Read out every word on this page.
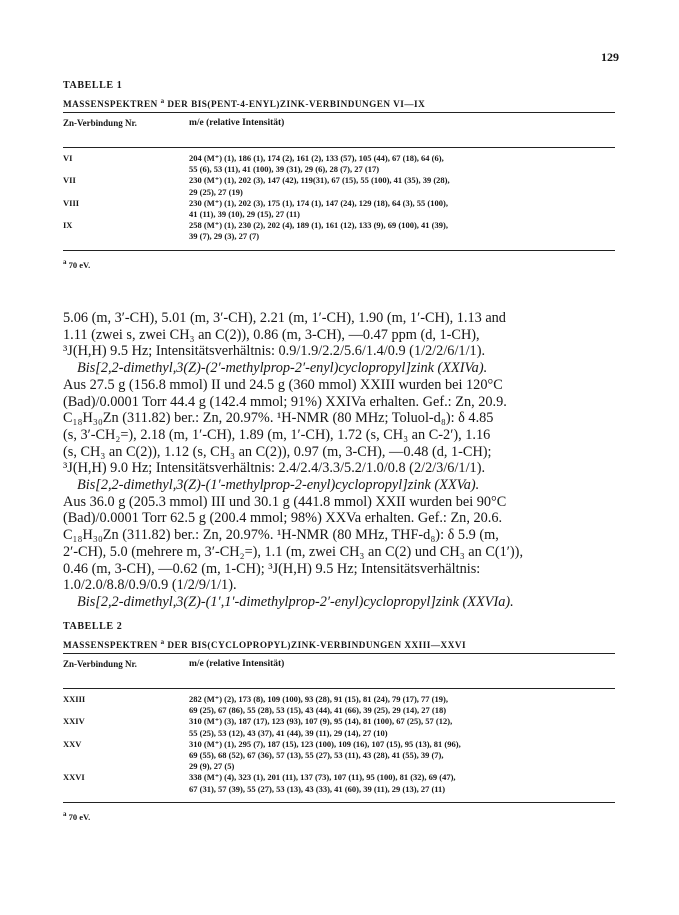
129
TABELLE 1
MASSENSPEKTREN $^a$ DER BIS(PENT-4-ENYL)ZINK-VERBINDUNGEN VI—IX
Zn-Verbindung Nr.	m/e (relative Intensität)
VI	204 (M⁺) (1), 186 (1), 174 (2), 161 (2), 133 (57), 105 (44), 67 (18), 64 (6),
55 (6), 53 (11), 41 (100), 39 (31), 29 (6), 28 (7), 27 (17)
VII	230 (M⁺) (1), 202 (3), 147 (42), 119(31), 67 (15), 55 (100), 41 (35), 39 (28),
29 (25), 27 (19)
VIII	230 (M⁺) (1), 202 (3), 175 (1), 174 (1), 147 (24), 129 (18), 64 (3), 55 (100),
41 (11), 39 (10), 29 (15), 27 (11)
IX	258 (M⁺) (1), 230 (2), 202 (4), 189 (1), 161 (12), 133 (9), 69 (100), 41 (39),
39 (7), 29 (3), 27 (7)
$^a$ 70 eV.

5.06 (m, 3′-CH), 5.01 (m, 3′-CH), 2.21 (m, 1′-CH), 1.90 (m, 1′-CH), 1.13 and

1.11 (zwei s, zwei CH₃ an C(2)), 0.86 (m, 3-CH), —0.47 ppm (d, 1-CH),

³J(H,H) 9.5 Hz; Intensitätsverhältnis: 0.9/1.9/2.2/5.6/1.4/0.9 (1/2/2/6/1/1).

Bis[2,2-dimethyl,3(Z)-(2′-methylprop-2′-enyl)cyclopropyl]zink (XXIVa).

Aus 27.5 g (156.8 mmol) II und 24.5 g (360 mmol) XXIII wurden bei 120°C

(Bad)/0.0001 Torr 44.4 g (142.4 mmol; 91%) XXIVa erhalten. Gef.: Zn, 20.9.

C₁₈H₃₀Zn (311.82) ber.: Zn, 20.97%. ¹H-NMR (80 MHz; Toluol-d₈): δ 4.85

(s, 3′-CH₂=), 2.18 (m, 1′-CH), 1.89 (m, 1′-CH), 1.72 (s, CH₃ an C-2′), 1.16

(s, CH₃ an C(2)), 1.12 (s, CH₃ an C(2)), 0.97 (m, 3-CH), —0.48 (d, 1-CH);

³J(H,H) 9.0 Hz; Intensitätsverhältnis: 2.4/2.4/3.3/5.2/1.0/0.8 (2/2/3/6/1/1).

Bis[2,2-dimethyl,3(Z)-(1′-methylprop-2-enyl)cyclopropyl]zink (XXVa).

Aus 36.0 g (205.3 mmol) III und 30.1 g (441.8 mmol) XXII wurden bei 90°C

(Bad)/0.0001 Torr 62.5 g (200.4 mmol; 98%) XXVa erhalten. Gef.: Zn, 20.6.

C₁₈H₃₀Zn (311.82) ber.: Zn, 20.97%. ¹H-NMR (80 MHz, THF-d₈): δ 5.9 (m,

2′-CH), 5.0 (mehrere m, 3′-CH₂=), 1.1 (m, zwei CH₃ an C(2) und CH₃ an C(1′)),

0.46 (m, 3-CH), —0.62 (m, 1-CH); ³J(H,H) 9.5 Hz; Intensitätsverhältnis:

1.0/2.0/8.8/0.9/0.9 (1/2/9/1/1).

Bis[2,2-dimethyl,3(Z)-(1′,1′-dimethylprop-2′-enyl)cyclopropyl]zink (XXVIa).

TABELLE 2
MASSENSPEKTREN $^a$ DER BIS(CYCLOPROPYL)ZINK-VERBINDUNGEN XXIII—XXVI
Zn-Verbindung Nr.	m/e (relative Intensität)
XXIII	282 (M⁺) (2), 173 (8), 109 (100), 93 (28), 91 (15), 81 (24), 79 (17), 77 (19),
69 (25), 67 (86), 55 (28), 53 (15), 43 (44), 41 (66), 39 (25), 29 (14), 27 (18)
XXIV	310 (M⁺) (3), 187 (17), 123 (93), 107 (9), 95 (14), 81 (100), 67 (25), 57 (12),
55 (25), 53 (12), 43 (37), 41 (44), 39 (11), 29 (14), 27 (10)
XXV	310 (M⁺) (1), 295 (7), 187 (15), 123 (100), 109 (16), 107 (15), 95 (13), 81 (96),
69 (55), 68 (52), 67 (36), 57 (13), 55 (27), 53 (11), 43 (28), 41 (55), 39 (7),
29 (9), 27 (5)
XXVI	338 (M⁺) (4), 323 (1), 201 (11), 137 (73), 107 (11), 95 (100), 81 (32), 69 (47),
67 (31), 57 (39), 55 (27), 53 (13), 43 (33), 41 (60), 39 (11), 29 (13), 27 (11)
$^a$ 70 eV.
